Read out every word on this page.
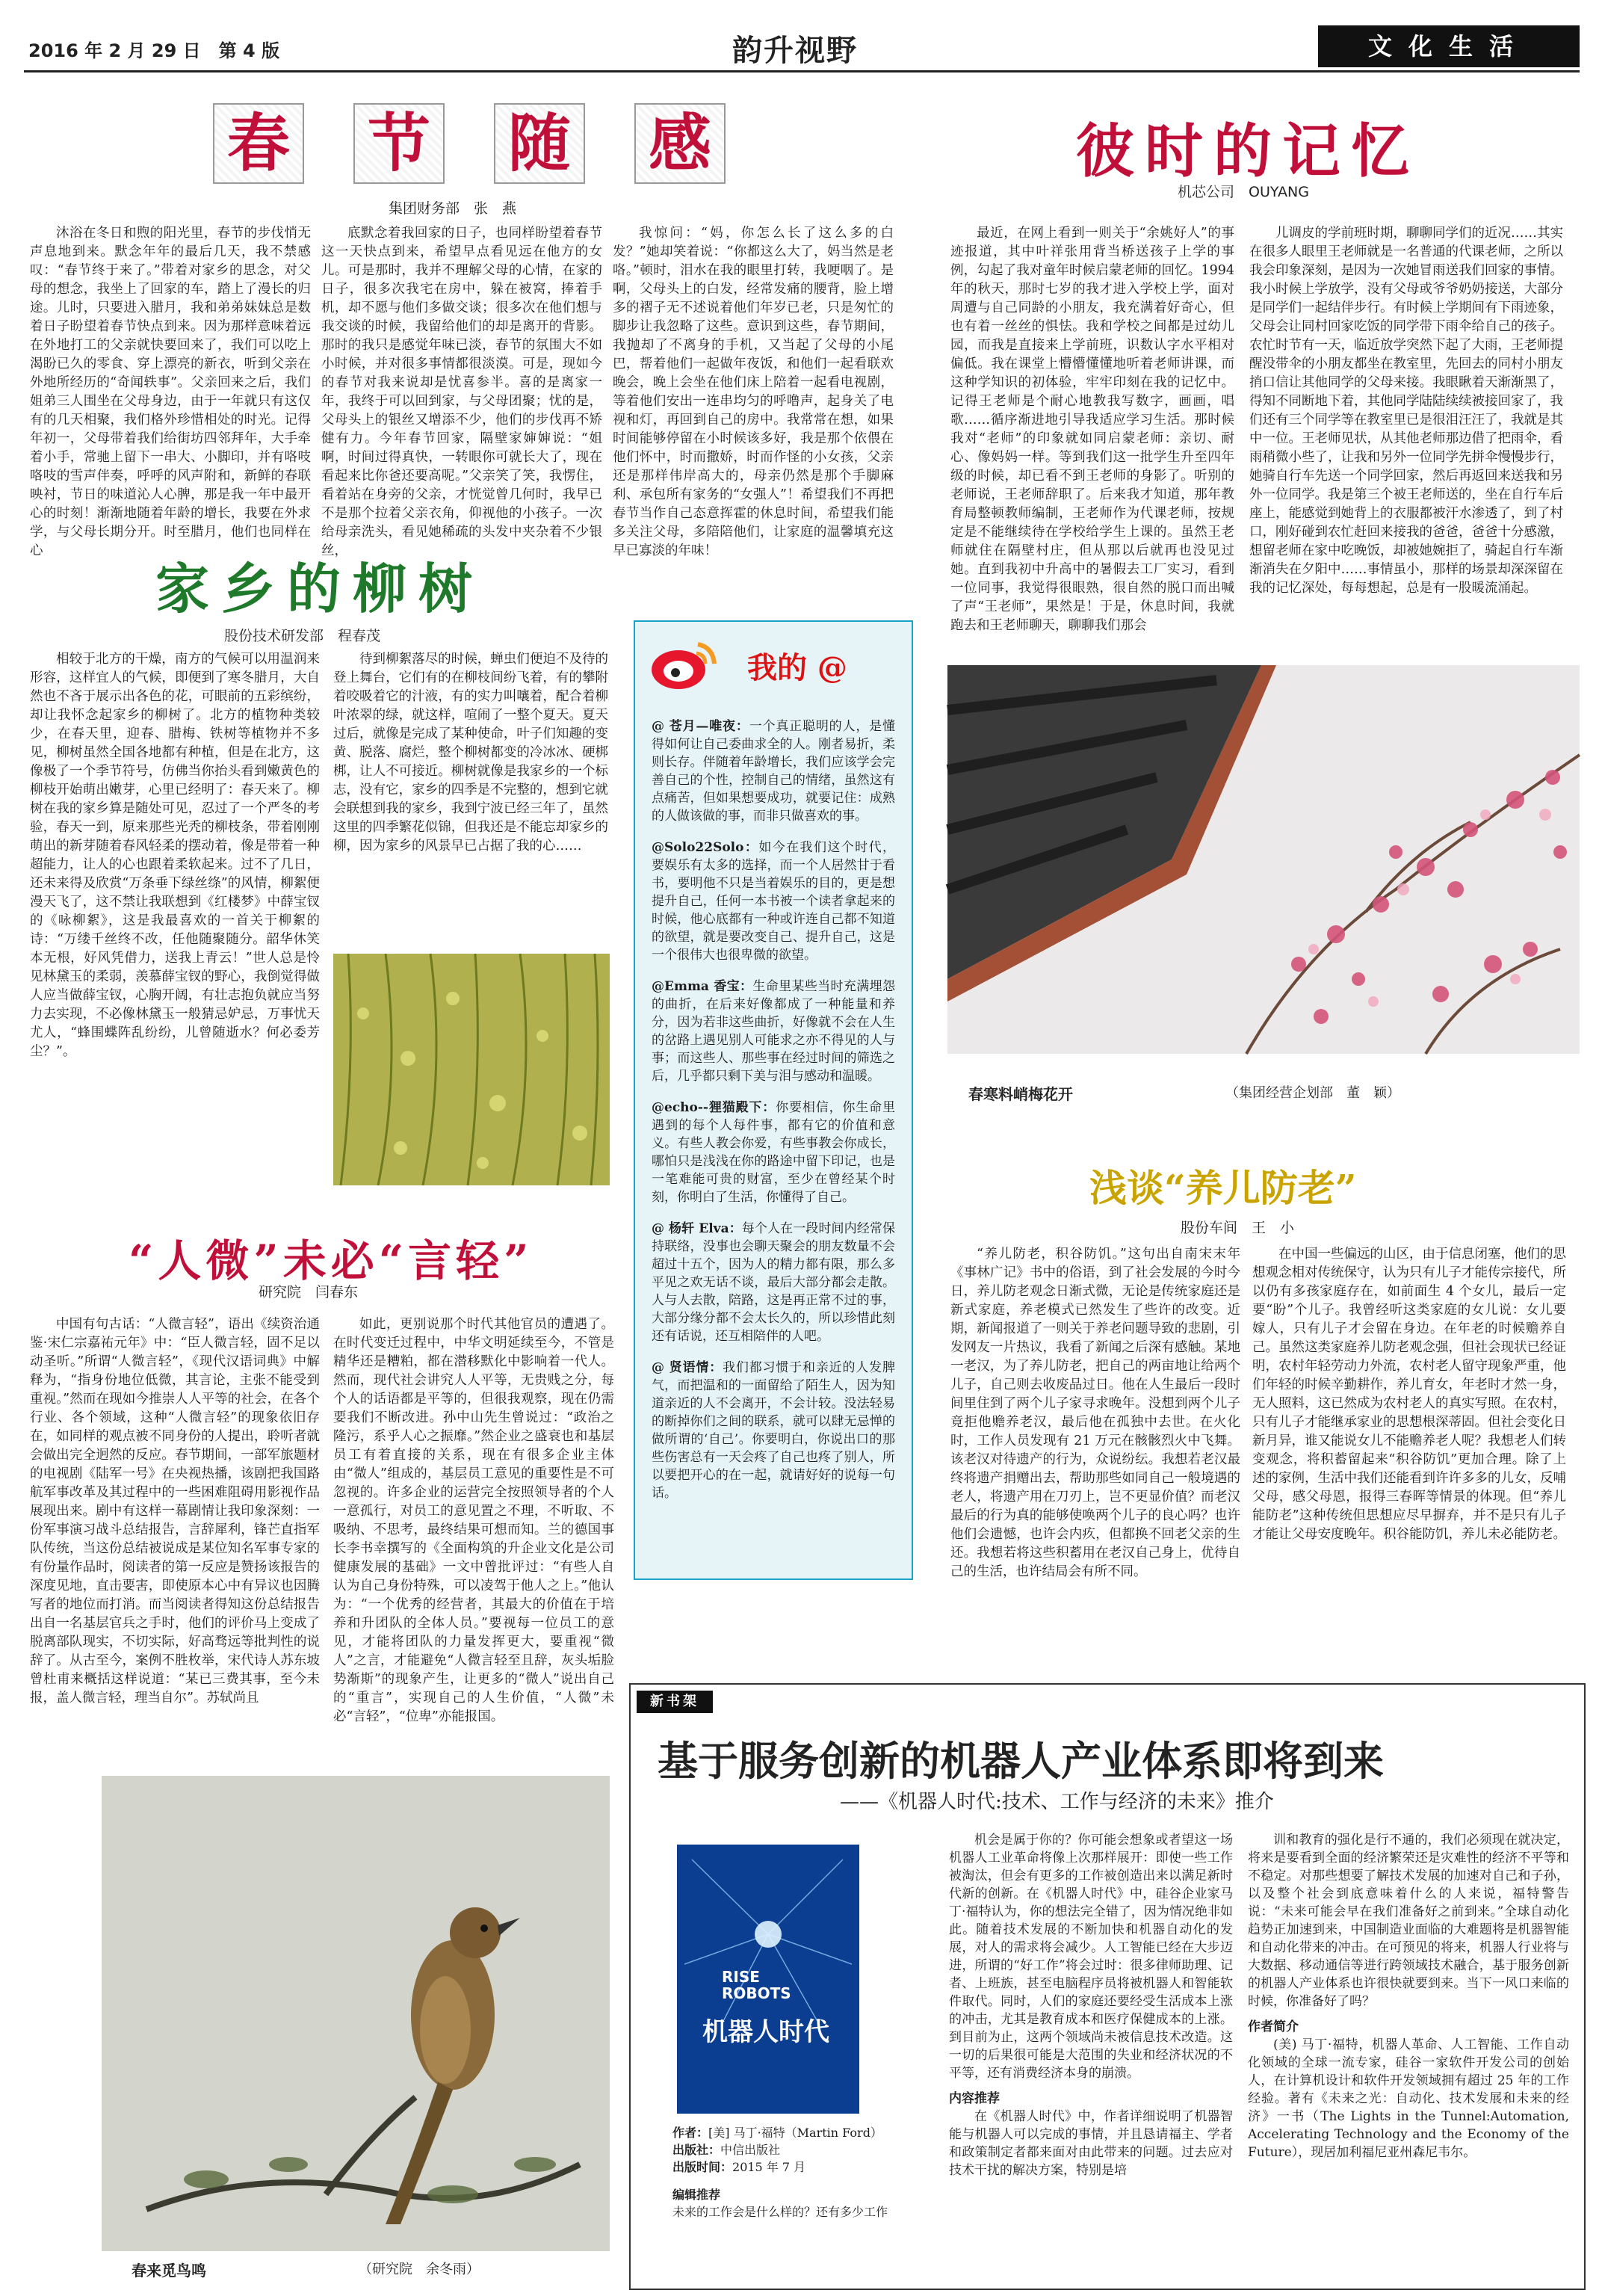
2016 年 2 月 29 日　第 4 版	韵升视野	文化生活
春 节 随 感
集团财务部　张　燕

沐浴在冬日和煦的阳光里，春节的步伐悄无声息地到来。默念年年的最后几天，我不禁感叹：“春节终于来了。”带着对家乡的思念，对父母的想念，我坐上了回家的车，踏上了漫长的归途。儿时，只要进入腊月，我和弟弟妹妹总是数着日子盼望着春节快点到来。因为那样意味着远在外地打工的父亲就快要回来了，我们可以吃上渴盼已久的零食、穿上漂亮的新衣，听到父亲在外地所经历的“奇闻轶事”。父亲回来之后，我们姐弟三人围坐在父母身边，由于一年就只有这仅有的几天相聚，我们格外珍惜相处的时光。记得年初一，父母带着我们给街坊四邻拜年，大手牵着小手，常驰上留下一串大、小脚印，并有咯吱咯吱的雪声伴奏，呼呼的风声附和，新鲜的春联映衬，节日的味道沁人心脾，那是我一年中最开心的时刻！渐渐地随着年龄的增长，我要在外求学，与父母长期分开。时至腊月，他们也同样在心

底默念着我回家的日子，也同样盼望着春节这一天快点到来，希望早点看见远在他方的女儿。可是那时，我并不理解父母的心情，在家的日子，很多次我宅在房中，躲在被窝，捧着手机，却不愿与他们多做交谈；很多次在他们想与我交谈的时候，我留给他们的却是离开的背影。那时的我只是感觉年味已淡，春节的氛围大不如小时候，并对很多事情都很淡漠。可是，现如今的春节对我来说却是忧喜参半。喜的是离家一年，我终于可以回到家，与父母团聚；忧的是，父母头上的银丝又增添不少，他们的步伐再不矫健有力。今年春节回家，隔壁家婶婶说：“姐啊，时间过得真快，一转眼你可就长大了，现在看起来比你爸还要高呢。”父亲笑了笑，我愣住，看着站在身旁的父亲，才恍觉曾几何时，我早已不是那个拉着父亲衣角，仰视他的小孩子。一次给母亲洗头，看见她稀疏的头发中夹杂着不少银丝，

我惊问：“妈，你怎么长了这么多的白发？”她却笑着说：“你都这么大了，妈当然是老咯。”顿时，泪水在我的眼里打转，我哽咽了。是啊，父母头上的白发，经常发痛的腰背，脸上增多的褶子无不述说着他们年岁已老，只是匆忙的脚步让我忽略了这些。意识到这些，春节期间，我抛却了不离身的手机，又当起了父母的小尾巴，帮着他们一起做年夜饭，和他们一起看联欢晚会，晚上会坐在他们床上陪着一起看电视剧，等着他们安出一连串均匀的呼噜声，起身关了电视和灯，再回到自己的房中。我常常在想，如果时间能够停留在小时候该多好，我是那个依偎在他们怀中，时而撒娇，时而作怪的小女孩，父亲还是那样伟岸高大的，母亲仍然是那个手脚麻利、承包所有家务的“女强人”！希望我们不再把春节当作自己态意挥霍的休息时间，希望我们能多关注父母，多陪陪他们，让家庭的温馨填充这早已寡淡的年味！

彼时的记忆
机芯公司　OUYANG

最近，在网上看到一则关于“余姚好人”的事迹报道，其中叶祥张用背当桥送孩子上学的事例，勾起了我对童年时候启蒙老师的回忆。1994 年的秋天，那时七岁的我才进入学校上学，面对周遭与自己同龄的小朋友，我充满着好奇心，但也有着一丝丝的惧怯。我和学校之间都是过幼儿园，而我是直接来上学前班，识数认字水平相对偏低。我在课堂上懵懵懂懂地听着老师讲课，而这种学知识的初体验，牢牢印刻在我的记忆中。记得王老师是个耐心地教我写数字，画画，唱歌……循序渐进地引导我适应学习生活。那时候我对“老师”的印象就如同启蒙老师：亲切、耐心、像妈妈一样。等到我们这一批学生升至四年级的时候，却已看不到王老师的身影了。听别的老师说，王老师辞职了。后来我才知道，那年教育局整顿教师编制，王老师作为代课老师，按规定是不能继续待在学校给学生上课的。虽然王老师就住在隔壁村庄，但从那以后就再也没见过她。直到我初中升高中的暑假去工厂实习，看到一位同事，我觉得很眼熟，很自然的脱口而出喊了声“王老师”，果然是！于是，休息时间，我就跑去和王老师聊天，聊聊我们那会

儿调皮的学前班时期，聊聊同学们的近况……其实在很多人眼里王老师就是一名普通的代课老师，之所以我会印象深刻，是因为一次她冒雨送我们回家的事情。我小时候上学放学，没有父母或爷爷奶奶接送，大部分是同学们一起结伴步行。有时候上学期间有下雨迹象，父母会让同村回家吃饭的同学带下雨伞给自己的孩子。农忙时节有一天，临近放学突然下起了大雨，王老师提醒没带伞的小朋友都坐在教室里，先回去的同村小朋友捎口信让其他同学的父母来接。我眼瞅着天渐渐黑了，得知不同断地下着，其他同学陆陆续续被接回家了，我们还有三个同学等在教室里已是很泪汪汪了，我就是其中一位。王老师见状，从其他老师那边借了把雨伞，看雨稍微小些了，让我和另外一位同学先拼伞慢慢步行，她骑自行车先送一个同学回家，然后再返回来送我和另外一位同学。我是第三个被王老师送的，坐在自行车后座上，能感觉到她背上的衣服都被汗水渗透了，到了村口，刚好碰到农忙赶回来接我的爸爸，爸爸十分感激，想留老师在家中吃晚饭，却被她婉拒了，骑起自行车渐渐消失在夕阳中……事情虽小，那样的场景却深深留在我的记忆深处，每每想起，总是有一股暖流涌起。

家乡的柳树
股份技术研发部　程春茂

相较于北方的干燥，南方的气候可以用温润来形容，这样宜人的气候，即便到了寒冬腊月，大自然也不吝于展示出各色的花，可眼前的五彩缤纷，却让我怀念起家乡的柳树了。北方的植物种类较少，在春天里，迎春、腊梅、铁树等植物并不多见，柳树虽然全国各地都有种植，但是在北方，这像极了一个季节符号，仿佛当你抬头看到嫩黄色的柳枝开始萌出嫩芽，心里已经明了：春天来了。柳树在我的家乡算是随处可见，忍过了一个严冬的考验，春天一到，原来那些光秃的柳枝条，带着刚刚萌出的新芽随着春风轻柔的摆动着，像是带着一种超能力，让人的心也跟着柔软起来。过不了几日，还未来得及欣赏“万条垂下绿丝绦”的风情，柳絮便漫天飞了，这不禁让我联想到《红楼梦》中薛宝钗的《咏柳絮》，这是我最喜欢的一首关于柳絮的诗：“万缕千丝终不改，任他随聚随分。韶华休笑本无根，好风凭借力，送我上青云！”世人总是怜见林黛玉的柔弱，羡慕薛宝钗的野心，我倒觉得做人应当做薛宝钗，心胸开阔，有壮志抱负就应当努力去实现，不必像林黛玉一般猜忌妒忌，万事忧天尤人，“蜂围蝶阵乱纷纷，儿曾随逝水？何必委芳尘？”。

待到柳絮落尽的时候，蝉虫们便迫不及待的登上舞台，它们有的在柳枝间纷飞着，有的攀附着咬吸着它的汁液，有的实力叫嚷着，配合着柳叶浓翠的绿，就这样，喧闹了一整个夏天。夏天过后，就像是完成了某种使命，叶子们知趣的变黄、脱落、腐烂，整个柳树都变的冷冰冰、硬梆梆，让人不可接近。柳树就像是我家乡的一个标志，没有它，家乡的四季是不完整的，想到它就会联想到我的家乡，我到宁波已经三年了，虽然这里的四季繁花似锦，但我还是不能忘却家乡的柳，因为家乡的风景早已占据了我的心……

“人微”未必“言轻”
研究院　闫春东

中国有句古话：“人微言轻”，语出《续资治通鉴·宋仁宗嘉祐元年》中：“臣人微言轻，固不足以动圣听。”所谓“人微言轻”，《现代汉语词典》中解释为，“指身份地位低微，其言论，主张不能受到重视。”然而在现如今推崇人人平等的社会，在各个行业、各个领域，这种“人微言轻”的现象依旧存在，如同样的观点被不同身份的人提出，聆听者就会做出完全迥然的反应。春节期间，一部军旅题材的电视剧《陆军一号》在央视热播，该剧把我国路航军事改革及其过程中的一些困难阻碍用影视作品展现出来。剧中有这样一幕剧情让我印象深刻：一份军事演习战斗总结报告，言辞犀利，锋芒直指军队传统，当这份总结被说成是某位知名军事专家的有份量作品时，阅读者的第一反应是赞扬该报告的深度见地，直击要害，即使原本心中有异议也因腾写者的地位而打消。而当阅读者得知这份总结报告出自一名基层官兵之手时，他们的评价马上变成了脱离部队现实，不切实际，好高骛远等批判性的说辞了。从古至今，案例不胜枚举，宋代诗人苏东坡曾杜甫来概括这样说道：“某已三费其事，至今未报，盖人微言轻，理当自尔”。苏轼尚且

如此，更别说那个时代其他官员的遭遇了。在时代变迁过程中，中华文明延续至今，不管是精华还是糟粕，都在潜移默化中影响着一代人。然而，现代社会讲究人人平等，无贵贱之分，每个人的话语都是平等的，但很我观察，现在仍需要我们不断改进。孙中山先生曾说过：“政治之隆污，系乎人心之振靡。”然企业之盛衰也和基层员工有着直接的关系，现在有很多企业主体由“微人”组成的，基层员工意见的重要性是不可忽视的。许多企业的运营完全按照领导者的个人一意孤行，对员工的意见置之不理，不听取、不吸纳、不思考，最终结果可想而知。兰的德国事长李书幸撰写的《全面构筑的升企业文化是公司健康发展的基础》一文中曾批评过：“有些人自认为自己身份特殊，可以凌驾于他人之上。”他认为：“一个优秀的经营者，其最大的价值在于培养和升团队的全体人员。”要视每一位员工的意见，才能将团队的力量发挥更大，要重视“微人”之言，才能避免“人微言轻至且辞，灰头垢脸势渐斯”的现象产生，让更多的“微人”说出自己的“重言”，实现自己的人生价值，“人微”未必“言轻”，“位卑”亦能报国。

我的 @

@ 苍月—唯夜：一个真正聪明的人，是懂得如何让自己委曲求全的人。刚者易折，柔则长存。伴随着年龄增长，我们应该学会完善自己的个性，控制自己的情绪，虽然这有点痛苦，但如果想要成功，就要记住：成熟的人做该做的事，而非只做喜欢的事。

@Solo22Solo：如今在我们这个时代，要娱乐有太多的选择，而一个人居然甘于看书，要明他不只是当着娱乐的目的，更是想提升自己，任何一本书被一个读者拿起来的时候，他心底都有一种或许连自己都不知道的欲望，就是要改变自己、提升自己，这是一个很伟大也很卑微的欲望。

@Emma 香宝：生命里某些当时充满埋怨的曲折，在后来好像都成了一种能量和养分，因为若非这些曲折，好像就不会在人生的岔路上遇见别人可能求之亦不得见的人与事；而这些人、那些事在经过时间的筛选之后，几乎都只剩下美与泪与感动和温暖。

@echo--狸猫殿下：你要相信，你生命里遇到的每个人每件事，都有它的价值和意义。有些人教会你爱，有些事教会你成长，哪怕只是浅浅在你的路途中留下印记，也是一笔难能可贵的财富，至少在曾经某个时刻，你明白了生活，你懂得了自己。

@ 杨轩 Elva：每个人在一段时间内经常保持联络，没事也会聊天聚会的朋友数量不会超过十五个，因为人的精力都有限，那么多平见之欢无话不谈，最后大部分都会走散。人与人去散，陪路，这是再正常不过的事，大部分缘分都不会太长久的，所以珍惜此刻还有话说，还互相陪伴的人吧。

@ 贤语情：我们都习惯于和亲近的人发脾气，而把温和的一面留给了陌生人，因为知道亲近的人不会离开，不会计较。没法轻易的断掉你们之间的联系，就可以肆无忌惮的做所谓的‘自己’。你要明白，你说出口的那些伤害总有一天会疼了自己也疼了别人，所以要把开心的在一起，就请好好的说每一句话。

春寒料峭梅花开	（集团经营企划部　董　颖）
浅谈“养儿防老”
股份车间　王　小

“养儿防老，积谷防饥。”这句出自南宋末年《事林广记》书中的俗语，到了社会发展的今时今日，养儿防老观念日渐式微，无论是传统家庭还是新式家庭，养老模式已然发生了些许的改变。近期，新闻报道了一则关于养老问题导致的悲剧，引发网友一片热议，我看了新闻之后深有感触。某地一老汉，为了养儿防老，把自己的两亩地让给两个儿子，自己则去收废品过日。他在人生最后一段时间里住到了两个儿子家寻求晚年。没想到两个儿子竟拒他赡养老汉，最后他在孤独中去世。在火化时，工作人员发现有 21 万元在骸骸烈火中飞舞。该老汉对待遗产的行为，众说纷纭。我想若老汉最终将遗产捐赠出去，帮助那些如同自己一般境遇的老人，将遗产用在刀刃上，岂不更显价值？而老汉最后的行为真的能够使唤两个儿子的良心吗？也许他们会遗憾，也许会内疚，但都换不回老父亲的生还。我想若将这些积蓄用在老汉自己身上，优待自己的生活，也许结局会有所不同。

在中国一些偏远的山区，由于信息闭塞，他们的思想观念相对传统保守，认为只有儿子才能传宗接代，所以仍有多孩家庭存在，如前面生 4 个女儿，最后一定要“盼”个儿子。我曾经听这类家庭的女儿说：女儿要嫁人，只有儿子才会留在身边。在年老的时候赡养自己。虽然这类家庭养儿防老观念强，但社会现状已经证明，农村年轻劳动力外流，农村老人留守现象严重，他们年轻的时候辛勤耕作，养儿育女，年老时才然一身，无人照料，这已然成为农村老人的真实写照。在农村，只有儿子才能继承家业的思想根深蒂固。但社会变化日新月异，谁又能说女儿不能赡养老人呢？我想老人们转变观念，将积蓄留起来“积谷防饥”更加合理。除了上述的家例，生活中我们还能看到许许多多的儿女，反哺父母，感父母恩，报得三春晖等情景的体现。但“养儿能防老”这种传统但思想应尽早摒弃，并不是只有儿子才能让父母安度晚年。积谷能防饥，养儿未必能防老。

春来觅鸟鸣	（研究院　余冬雨）
新书架
基于服务创新的机器人产业体系即将到来
——《机器人时代:技术、工作与经济的未来》推介
RISE
ROBOTS
机器人时代
作者：[美] 马丁·福特（Martin Ford）
出版社：中信出版社
出版时间：2015 年 7 月
编辑推荐
未来的工作会是什么样的？还有多少工作

机会是属于你的？你可能会想象或者望这一场机器人工业革命将像上次那样展开：即使一些工作被淘汰，但会有更多的工作被创造出来以满足新时代新的创新。在《机器人时代》中，硅谷企业家马丁·福特认为，你的想法完全错了，因为情况绝非如此。随着技术发展的不断加快和机器自动化的发展，对人的需求将会减少。人工智能已经在大步迈进，所谓的“好工作”将会过时：很多律师助理、记者、上班族，甚至电脑程序员将被机器人和智能软件取代。同时，人们的家庭还要经受生活成本上涨的冲击，尤其是教育成本和医疗保健成本的上涨。到目前为止，这两个领域尚未被信息技术改造。这一切的后果很可能是大范围的失业和经济状况的不平等，还有消费经济本身的崩溃。

内容推荐

在《机器人时代》中，作者详细说明了机器智能与机器人可以完成的事情，并且恳请福主、学者和政策制定者都来面对由此带来的问题。过去应对技术干扰的解决方案，特别是培

训和教育的强化是行不通的，我们必须现在就决定，将来是要看到全面的经济繁荣还是灾难性的经济不平等和不稳定。对那些想要了解技术发展的加速对自己和子孙，以及整个社会到底意味着什么的人来说，福特警告说：“未来可能会早在我们准备好之前到来。”全球自动化趋势正加速到来，中国制造业面临的大难题将是机器智能和自动化带来的冲击。在可预见的将来，机器人行业将与大数据、移动通信等进行跨领域技术融合，基于服务创新的机器人产业体系也许很快就要到来。当下一风口来临的时候，你准备好了吗？

作者简介

(美) 马丁·福特，机器人革命、人工智能、工作自动化领域的全球一流专家，硅谷一家软件开发公司的创始人，在计算机设计和软件开发领域拥有超过 25 年的工作经验。著有《未来之光：自动化、技术发展和未来的经济》一书（The Lights in the Tunnel:Automation, Accelerating Technology and the Economy of the Future），现居加利福尼亚州森尼韦尔。
